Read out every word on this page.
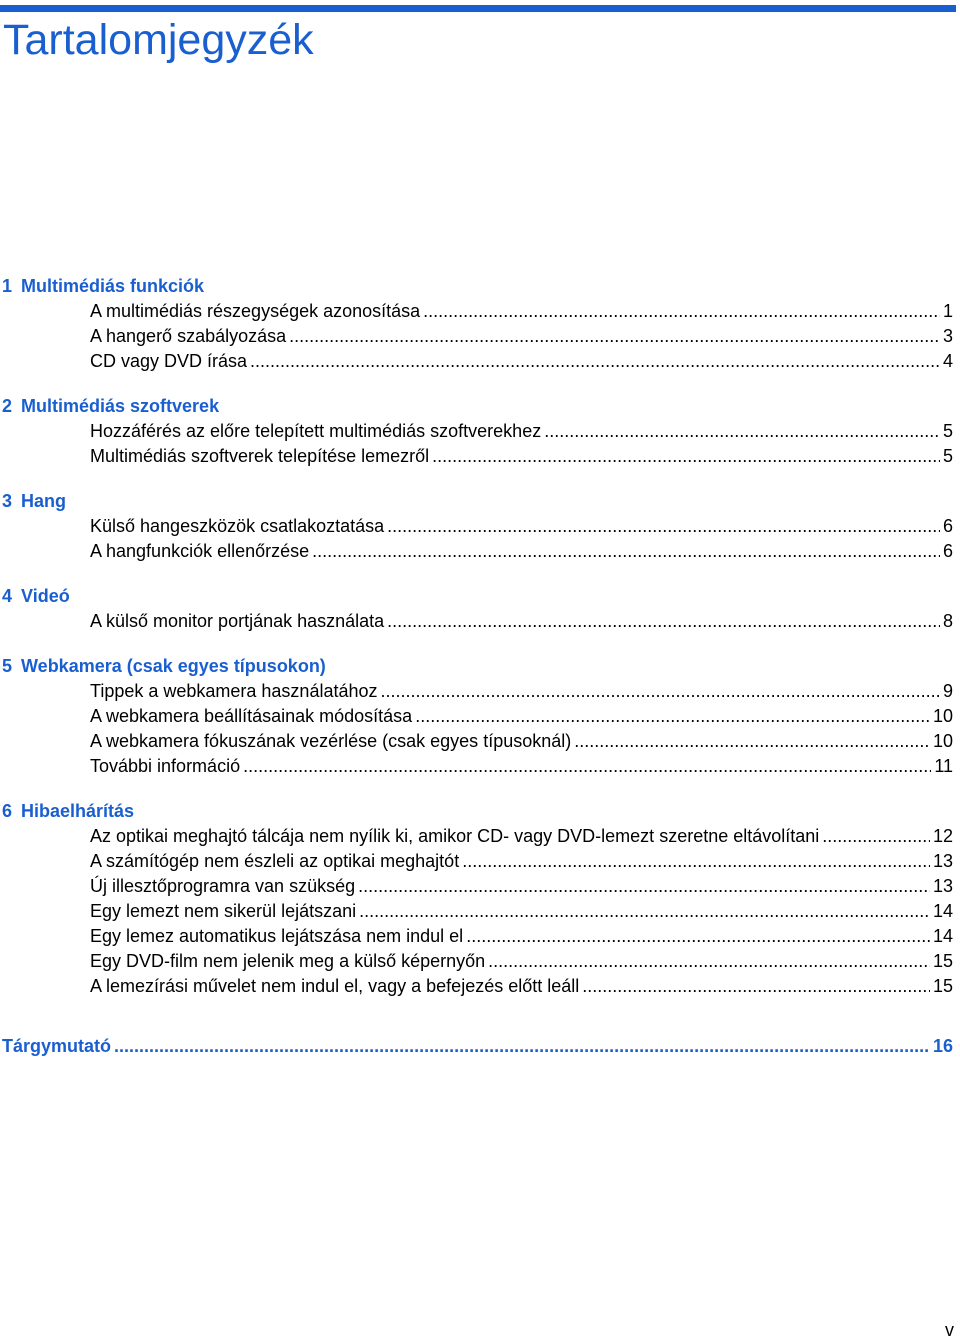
Tartalomjegyzék
1 Multimédiás funkciók
A multimédiás részegységek azonosítása .....	1
A hangerő szabályozása .....	3
CD vagy DVD írása .....	4
2 Multimédiás szoftverek
Hozzáférés az előre telepített multimédiás szoftverekhez .....	5
Multimédiás szoftverek telepítése lemezről .....	5
3 Hang
Külső hangeszközök csatlakoztatása .....	6
A hangfunkciók ellenőrzése .....	6
4 Videó
A külső monitor portjának használata .....	8
5 Webkamera (csak egyes típusokon)
Tippek a webkamera használatához .....	9
A webkamera beállításainak módosítása .....	10
A webkamera fókuszának vezérlése (csak egyes típusoknál) .....	10
További információ .....	11
6 Hibaelhárítás
Az optikai meghajtó tálcája nem nyílik ki, amikor CD- vagy DVD-lemezt szeretne eltávolítani .....	12
A számítógép nem észleli az optikai meghajtót .....	13
Új illesztőprogramra van szükség .....	13
Egy lemezt nem sikerül lejátszani .....	14
Egy lemez automatikus lejátszása nem indul el .....	14
Egy DVD-film nem jelenik meg a külső képernyőn .....	15
A lemezírási művelet nem indul el, vagy a befejezés előtt leáll .....	15
Tárgymutató .....	16
v
